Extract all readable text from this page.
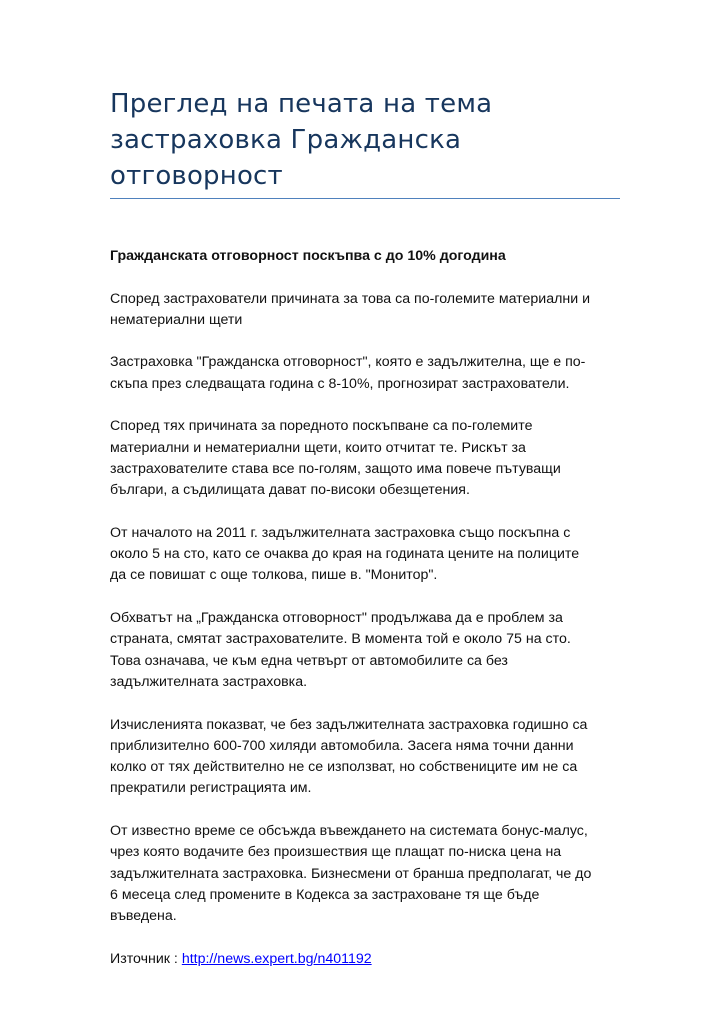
Преглед на печата на тема
застраховка Гражданска
отговорност

Гражданската отговорност поскъпва с до 10% догодина

Според застрахователи причината за това са по-големите материални и
нематериални щети

Застраховка "Гражданска отговорност", която е задължителна, ще е по-
скъпа през следващата година с 8-10%, прогнозират застрахователи.

Според тях причината за поредното поскъпване са по-големите
материални и нематериални щети, които отчитат те. Рискът за
застрахователите става все по-голям, защото има повече пътуващи
българи, а съдилищата дават по-високи обезщетения.

От началото на 2011 г. задължителната застраховка също поскъпна с
около 5 на сто, като се очаква до края на годината цените на полиците
да се повишат с още толкова, пише в. "Монитор".

Обхватът на „Гражданска отговорност" продължава да е проблем за
страната, смятат застрахователите. В момента той е около 75 на сто.
Това означава, че към една четвърт от автомобилите са без
задължителната застраховка.

Изчисленията показват, че без задължителната застраховка годишно са
приблизително 600-700 хиляди автомобила. Засега няма точни данни
колко от тях действително не се използват, но собствениците им не са
прекратили регистрацията им.

От известно време се обсъжда въвеждането на системата бонус-малус,
чрез която водачите без произшествия ще плащат по-ниска цена на
задължителната застраховка. Бизнесмени от бранша предполагат, че до
6 месеца след промените в Кодекса за застраховане тя ще бъде
въведена.

Източник : http://news.expert.bg/n401192
